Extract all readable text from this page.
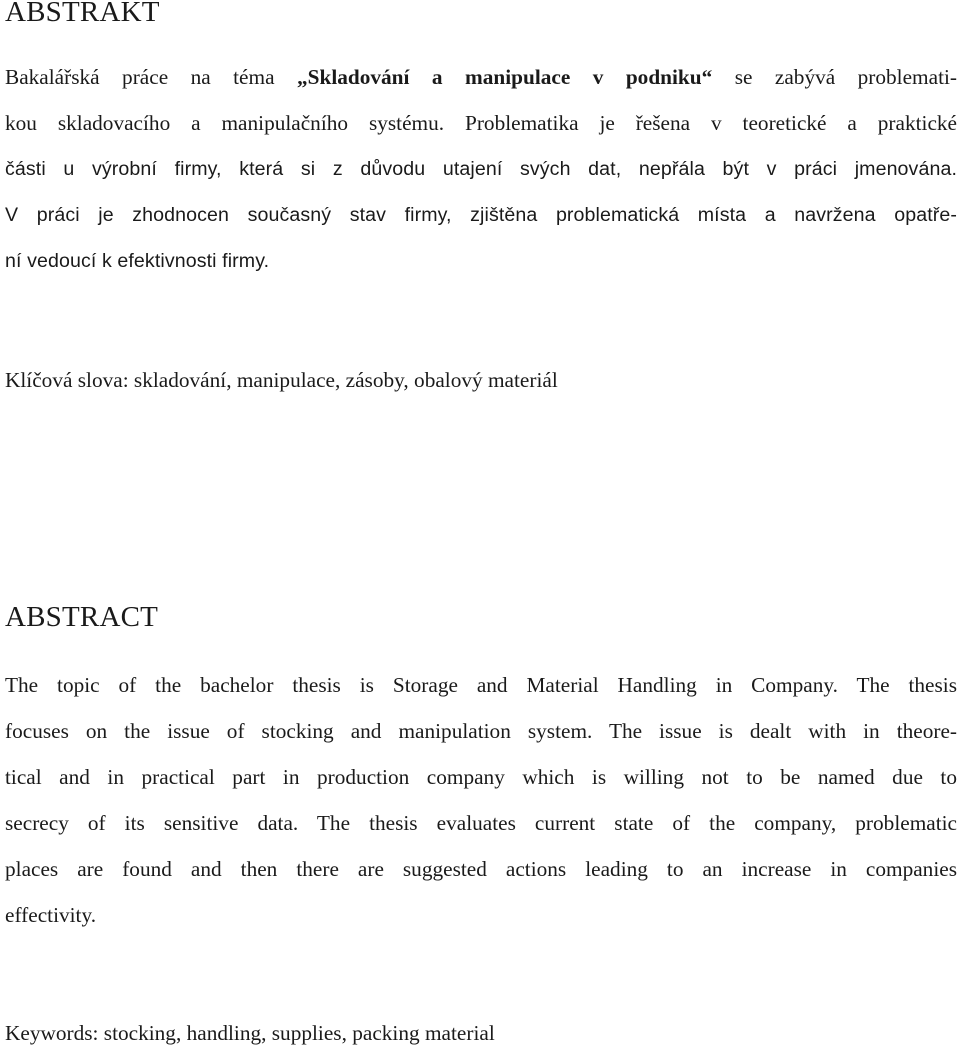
ABSTRAKT
Bakalářská práce na téma „Skladování a manipulace v podniku“ se zabývá problemati-
kou skladovacího a manipulačního systému. Problematika je řešena v teoretické a praktické
části u výrobní firmy, která si z důvodu utajení svých dat, nepřála být v práci jmenována.
V práci je zhodnocen současný stav firmy, zjištěna problematická místa a navržena opatře-
ní vedoucí k efektivnosti firmy.

Klíčová slova: skladování, manipulace, zásoby, obalový materiál

ABSTRACT
The topic of the bachelor thesis is Storage and Material Handling in Company. The thesis
focuses on the issue of stocking and manipulation system. The issue is dealt with in theore-
tical and in practical part in production company which is willing not to be named due to
secrecy of its sensitive data. The thesis evaluates current state of the company, problematic
places are found and then there are suggested actions leading to an increase in companies
effectivity.

Keywords: stocking, handling, supplies, packing material
